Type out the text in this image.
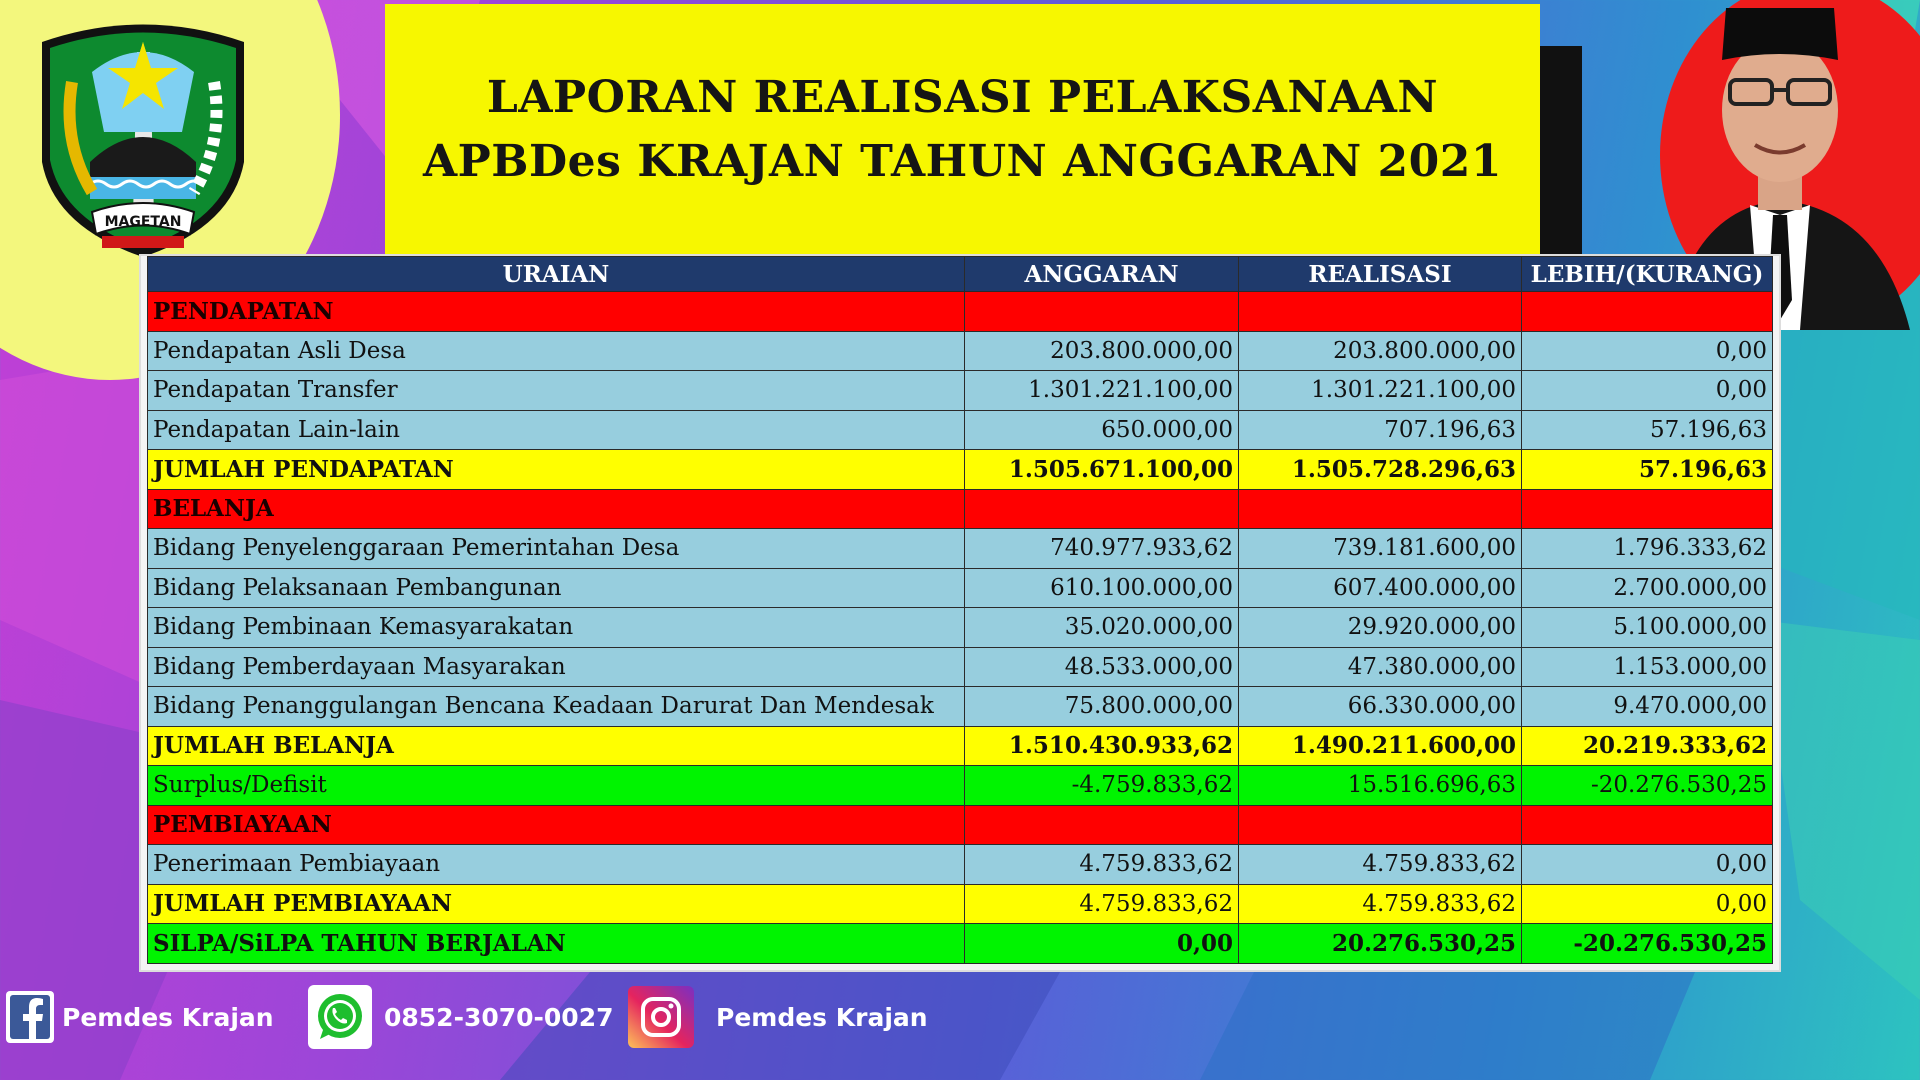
MAGETAN
LAPORAN REALISASI PELAKSANAAN
APBDes KRAJAN TAHUN ANGGARAN 2021
URAIAN	ANGGARAN	REALISASI	LEBIH/(KURANG)
PENDAPATAN			
Pendapatan Asli Desa	203.800.000,00	203.800.000,00	0,00
Pendapatan Transfer	1.301.221.100,00	1.301.221.100,00	0,00
Pendapatan Lain-lain	650.000,00	707.196,63	57.196,63
JUMLAH PENDAPATAN	1.505.671.100,00	1.505.728.296,63	57.196,63
BELANJA			
Bidang Penyelenggaraan Pemerintahan Desa	740.977.933,62	739.181.600,00	1.796.333,62
Bidang Pelaksanaan Pembangunan	610.100.000,00	607.400.000,00	2.700.000,00
Bidang Pembinaan Kemasyarakatan	35.020.000,00	29.920.000,00	5.100.000,00
Bidang Pemberdayaan Masyarakan	48.533.000,00	47.380.000,00	1.153.000,00
Bidang Penanggulangan Bencana Keadaan Darurat Dan Mendesak	75.800.000,00	66.330.000,00	9.470.000,00
JUMLAH BELANJA	1.510.430.933,62	1.490.211.600,00	20.219.333,62
Surplus/Defisit	-4.759.833,62	15.516.696,63	-20.276.530,25
PEMBIAYAAN			
Penerimaan Pembiayaan	4.759.833,62	4.759.833,62	0,00
JUMLAH PEMBIAYAAN	4.759.833,62	4.759.833,62	0,00
SILPA/SiLPA TAHUN BERJALAN	0,00	20.276.530,25	-20.276.530,25
Pemdes Krajan	0852-3070-0027	Pemdes Krajan
